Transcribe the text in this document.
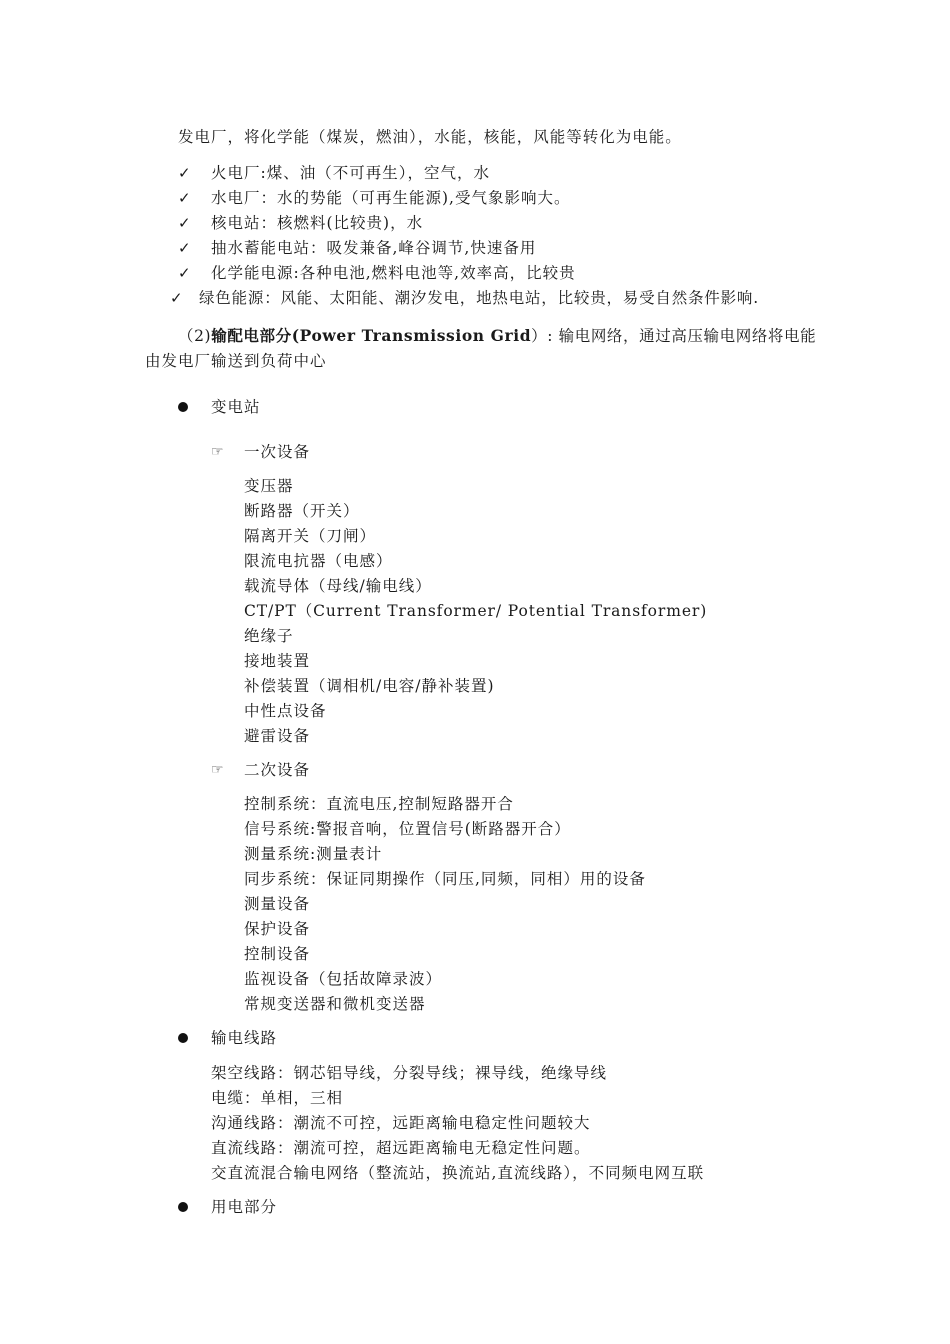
发电厂，将化学能（煤炭，燃油），水能，核能，风能等转化为电能。
✓ 火电厂:煤、油（不可再生），空气，水
✓ 水电厂：水的势能（可再生能源),受气象影响大。
✓ 核电站：核燃料(比较贵)，水
✓ 抽水蓄能电站：吸发兼备,峰谷调节,快速备用
✓ 化学能电源:各种电池,燃料电池等,效率高，比较贵
✓ 绿色能源：风能、太阳能、潮汐发电，地热电站，比较贵，易受自然条件影响.
（2)输配电部分(Power Transmission Grid）: 输电网络，通过高压输电网络将电能
由发电厂输送到负荷中心
变电站
☞ 一次设备
变压器
断路器（开关）
隔离开关（刀闸）
限流电抗器（电感）
载流导体（母线/输电线）
CT/PT（Current Transformer/ Potential Transformer)
绝缘子
接地装置
补偿装置（调相机/电容/静补装置)
中性点设备
避雷设备
☞ 二次设备
控制系统：直流电压,控制短路器开合
信号系统:警报音响，位置信号(断路器开合）
测量系统:测量表计
同步系统：保证同期操作（同压,同频，同相）用的设备
测量设备
保护设备
控制设备
监视设备（包括故障录波）
常规变送器和微机变送器
输电线路
架空线路：钢芯铝导线，分裂导线；裸导线，绝缘导线
电缆：单相，三相
沟通线路：潮流不可控，远距离输电稳定性问题较大
直流线路：潮流可控，超远距离输电无稳定性问题。
交直流混合输电网络（整流站，换流站,直流线路），不同频电网互联
用电部分
